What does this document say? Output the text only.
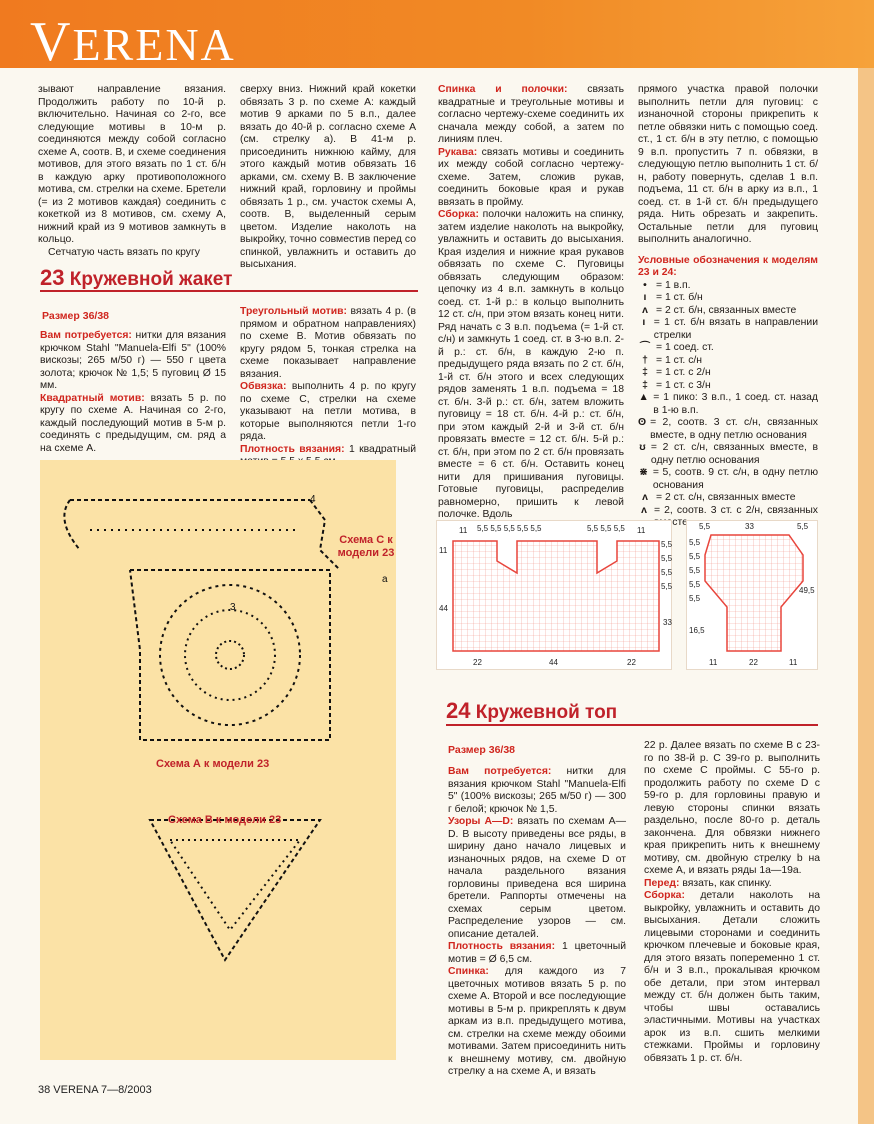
VERENA

зывают направление вязания. Продолжить работу по 10-й р. включительно. Начиная со 2-го, все следующие мотивы в 10-м р. соединяются между собой согласно схеме А, соотв. В, и схеме соединения мотивов, для этого вязать по 1 ст. б/н в каждую арку противоположного мотива, см. стрелки на схеме. Бретели (= из 2 мотивов каждая) соединить с кокеткой из 8 мотивов, см. схему А, нижний край из 9 мотивов замкнуть в кольцо.

Сетчатую часть вязать по кругу

сверху вниз. Нижний край кокетки обвязать 3 р. по схеме А: каждый мотив 9 арками по 5 в.п., далее вязать до 40-й р. согласно схеме А (см. стрелку а). В 41-м р. присоединить нижнюю кайму, для этого каждый мотив обвязать 16 арками, см. схему В. В заключение нижний край, горловину и проймы обвязать 1 р., см. участок схемы А, соотв. В, выделенный серым цветом. Изделие наколоть на выкройку, точно совместив перед со спинкой, увлажнить и оставить до высыхания.

23 Кружевной жакет
Размер 36/38

Вам потребуется: нитки для вязания крючком Stahl "Manuela-Elfi 5" (100% вискозы; 265 м/50 г) — 550 г цвета золота; крючок № 1,5; 5 пуговиц Ø 15 мм.

Квадратный мотив: вязать 5 р. по кругу по схеме А. Начиная со 2-го, каждый последующий мотив в 5-м р. соединять с предыдущим, см. ряд а на схеме А.

Треугольный мотив: вязать 4 р. (в прямом и обратном направлениях) по схеме В. Мотив обвязать по кругу рядом 5, тонкая стрелка на схеме показывает направление вязания.

Обвязка: выполнить 4 р. по кругу по схеме С, стрелки на схеме указывают на петли мотива, в которые выполняются петли 1-го ряда.

Плотность вязания: 1 квадратный

4
a
3
Схема С к модели 23
Схема А к модели 23
Схема В к модели 23

Спинка и полочки: связать квадратные и треугольные мотивы и согласно чертежу-схеме соединить их сначала между собой, а затем по линиям плеч.

Рукава: связать мотивы и соединить их между собой согласно чертежу-схеме. Затем, сложив рукав, соединить боковые края и рукав ввязать в пройму.

Сборка: полочки наложить на спинку, затем изделие наколоть на выкройку, увлажнить и оставить до высыхания. Края изделия и нижние края рукавов обвязать по схеме С. Пуговицы обвязать следующим образом: цепочку из 4 в.п. замкнуть в кольцо соед. ст. 1-й р.: в кольцо выполнить 12 ст. с/н, при этом вязать конец нити. Ряд начать с 3 в.п. подъема (= 1-й ст. с/н) и замкнуть 1 соед. ст. в 3-ю в.п. 2-й р.: ст. б/н, в каждую 2-ю п. предыдущего ряда вязать по 2 ст. б/н, 1-й ст. б/н этого и всех следующих рядов заменять 1 в.п. подъема = 18 ст. б/н. 3-й р.: ст. б/н, затем вложить пуговицу = 18 ст. б/н. 4-й р.: ст. б/н, при этом каждый 2-й и 3-й ст. б/н провязать вместе = 12 ст. б/н. 5-й р.: ст. б/н, при этом по 2 ст. б/н провязать вместе = 6 ст. б/н. Оставить конец нити для пришивания пуговицы. Готовые пуговицы, распределив равномерно, пришить к левой полочке. Вдоль

прямого участка правой полочки выполнить петли для пуговиц: с изнаночной стороны прикрепить к петле обвязки нить с помощью соед. ст., 1 ст. б/н в эту петлю, с помощью 9 в.п. пропустить 7 п. обвязки, в следующую петлю выполнить 1 ст. б/н, работу повернуть, сделав 1 в.п. подъема, 11 ст. б/н в арку из в.п., 1 соед. ст. в 1-й ст. б/н предыдущего ряда. Нить обрезать и закрепить. Остальные петли для пуговиц выполнить аналогично.

Условные обозначения к моделям 23 и 24:

• = 1 в.п.
ı = 1 ст. б/н
ʌ = 2 ст. б/н, связанных вместе
ı = 1 ст. б/н вязать в направлении стрелки
⌒ = 1 соед. ст.
† = 1 ст. с/н
‡ = 1 ст. с 2/н
‡ = 1 ст. с 3/н
▲ = 1 пико: 3 в.п., 1 соед. ст. назад в 1-ю в.п.
ʘ = 2, соотв. 3 ст. с/н, связанных вместе, в одну петлю основания
ʊ = 2 ст. с/н, связанных вместе, в одну петлю основания
⋇ = 5, соотв. 9 ст. с/н, в одну петлю основания
ʌ = 2 ст. с/н, связанных вместе
ʌ = 2, соотв. 3 ст. с 2/н, связанных
11 5,5 5,5 5,5 5,5 5,5	5,5 5,5 5,5 11
11
44
5,5
5,5
5,5
5,5
33
22	44	22
5,5	33	5,5
5,5
5,5
5,5
5,5
5,5
16,5
49,5
11	22	11
24 Кружевной топ
Размер 36/38

Вам потребуется: нитки для вязания крючком Stahl "Manuela-Elfi 5" (100% вискозы; 265 м/50 г) — 300 г белой; крючок № 1,5.

Узоры А—D: вязать по схемам А—D. В высоту приведены все ряды, в ширину дано начало лицевых и изнаночных рядов, на схеме D от начала раздельного вязания горловины приведена вся ширина бретели. Раппорты отмечены на схемах серым цветом. Распределение узоров — см. описание деталей.

Плотность вязания: 1 цветочный мотив = Ø 6,5 см.

Спинка: для каждого из 7 цветочных мотивов вязать 5 р. по схеме А. Второй и все последующие мотивы в 5-м р. прикреплять к двум аркам из в.п. предыдущего мотива, см. стрелки на схеме между обоими мотивами. Затем присоединить нить к внешнему мотиву, см. двойную стрелку а на схеме А, и вязать

22 р. Далее вязать по схеме В с 23-го по 38-й р. С 39-го р. выполнить по схеме С проймы. С 55-го р. продолжить работу по схеме D с 59-го р. для горловины правую и левую стороны спинки вязать раздельно, после 80-го р. деталь закончена. Для обвязки нижнего края прикрепить нить к внешнему мотиву, см. двойную стрелку b на схеме А, и вязать ряды 1а—19а.

Перед: вязать, как спинку.

Сборка: детали наколоть на выкройку, увлажнить и оставить до высыхания. Детали сложить лицевыми сторонами и соединить крючком плечевые и боковые края, для этого вязать попеременно 1 ст. б/н и 3 в.п., прокалывая крючком обе детали, при этом интервал между ст. б/н должен быть таким, чтобы швы оставались эластичными. Мотивы на участках арок из в.п. сшить мелкими стежками. Проймы и горловину обвязать 1 р. ст. б/н.

38 VERENA 7—8/2003
